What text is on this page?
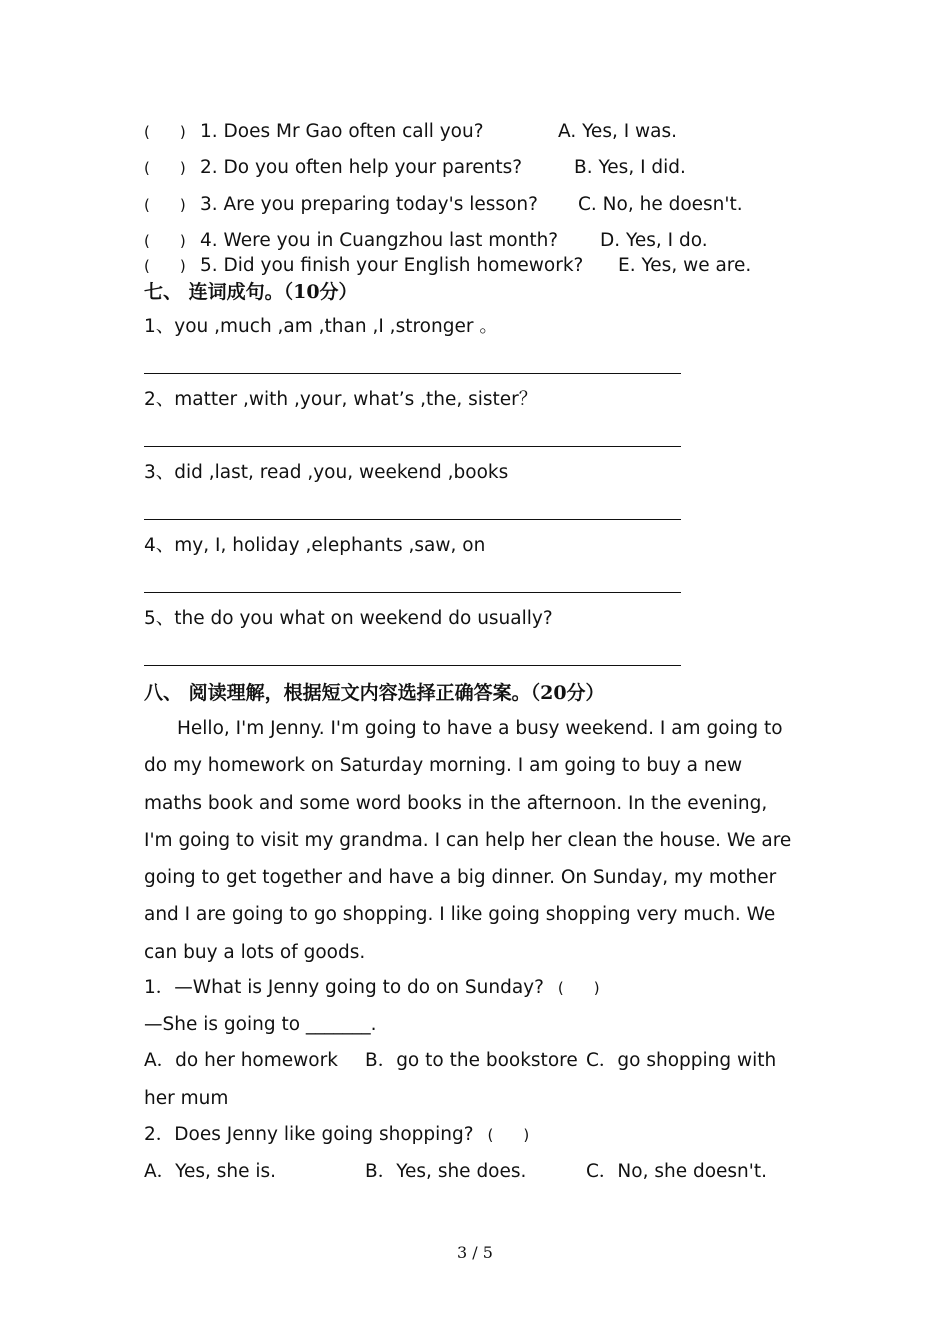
(　　) 1. Does Mr Gao often call you?	A. Yes, I was.
(　　) 2. Do you often help your parents?	B. Yes, I did.
(　　) 3. Are you preparing today's lesson? C. No, he doesn't.
(　　) 4. Were you in Cuangzhou last month? D. Yes, I do.
(　　) 5. Did you finish your English homework? E. Yes, we are.
七、 连词成句。（10分）
1、you ,much ,am ,than ,I ,stronger 。
2、matter ,with ,your, what’s ,the, sister？
3、did ,last, read ,you, weekend ,books
4、my, I, holiday ,elephants ,saw, on
5、the do you what on weekend do usually?
八、 阅读理解，根据短文内容选择正确答案。（20分）
Hello, I'm Jenny. I'm going to have a busy weekend. I am going to do my homework on Saturday morning. I am going to buy a new maths book and some word books in the afternoon. In the evening, I'm going to visit my grandma. I can help her clean the house. We are going to get together and have a big dinner. On Sunday, my mother and I are going to go shopping. I like going shopping very much. We can buy a lots of goods.
1．—What is Jenny going to do on Sunday? (　　)
—She is going to _______.
A．do her homework B．go to the bookstore C．go shopping with
her mum
2．Does Jenny like going shopping? (　　)
A．Yes, she is.	B．Yes, she does.	C．No, she doesn't.
3 / 5
